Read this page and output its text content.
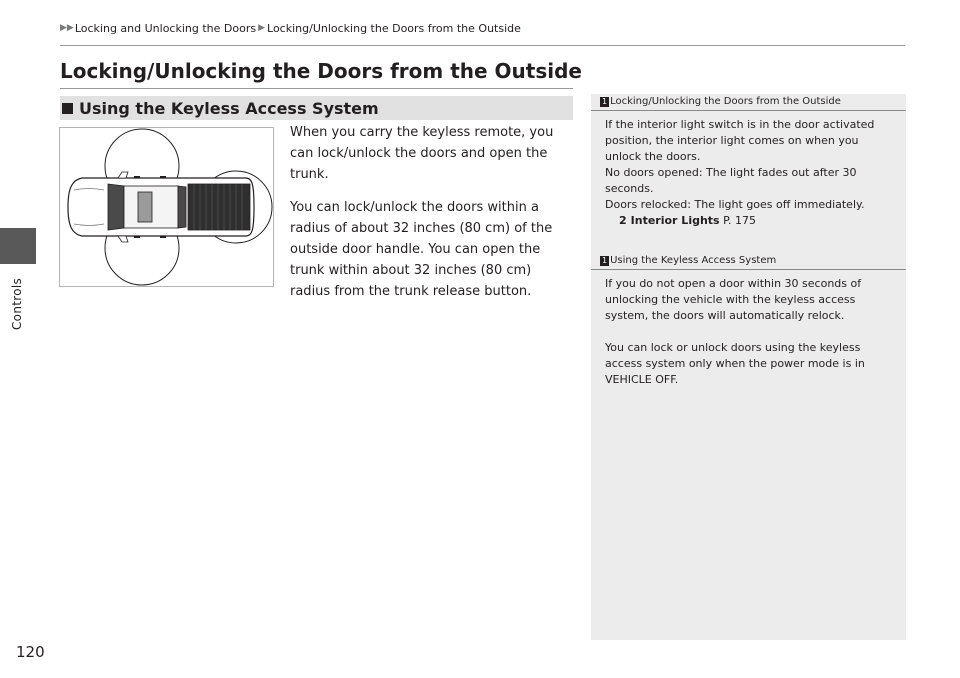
Controls
▶▶ Locking and Unlocking the Doors ▶ Locking/Unlocking the Doors from the Outside
Locking/Unlocking the Doors from the Outside
Using the Keyless Access System

When you carry the keyless remote, you can lock/unlock the doors and open the trunk.

You can lock/unlock the doors within a radius of about 32 inches (80 cm) of the outside door handle. You can open the trunk within about 32 inches (80 cm) radius from the trunk release button.

1 Locking/Unlocking the Doors from the Outside

If the interior light switch is in the door activated position, the interior light comes on when you unlock the doors.

No doors opened: The light fades out after 30 seconds.

Doors relocked: The light goes off immediately.

2 Interior Lights P. 175

1 Using the Keyless Access System

If you do not open a door within 30 seconds of unlocking the vehicle with the keyless access system, the doors will automatically relock.

You can lock or unlock doors using the keyless access system only when the power mode is in VEHICLE OFF.

120
